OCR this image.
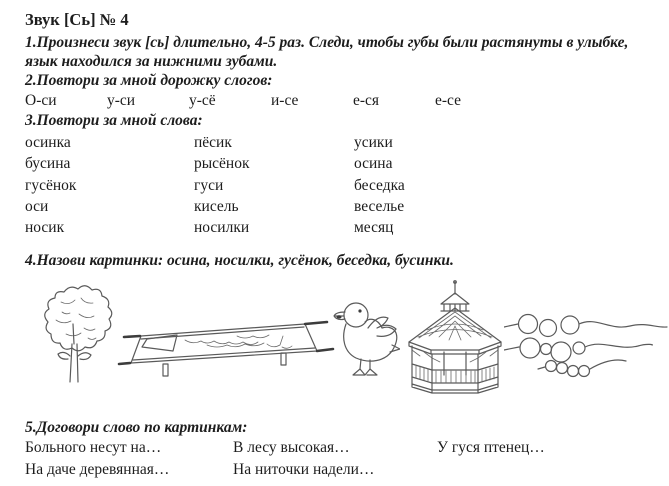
Звук [Сь] № 4

1.Произнеси звук [сь] длительно, 4-5 раз. Следи, чтобы губы были растянуты в улыбке, язык находился за нижними зубами.

2.Повтори за мной дорожку слогов:

О-си	у-си	у-сё	и-се	е-ся	е-се

3.Повтори за мной слова:

осинка	пёсик	усики
бусина	рысёнок	осина
гусёнок	гуси	беседка
оси	кисель	веселье
носик	носилки	месяц

4.Назови картинки: осина, носилки, гусёнок, беседка, бусинки.

5.Договори слово по картинкам:

Больного несут на…	В лесу высокая…	У гуся птенец…
На даче деревянная…	На ниточки надели…
